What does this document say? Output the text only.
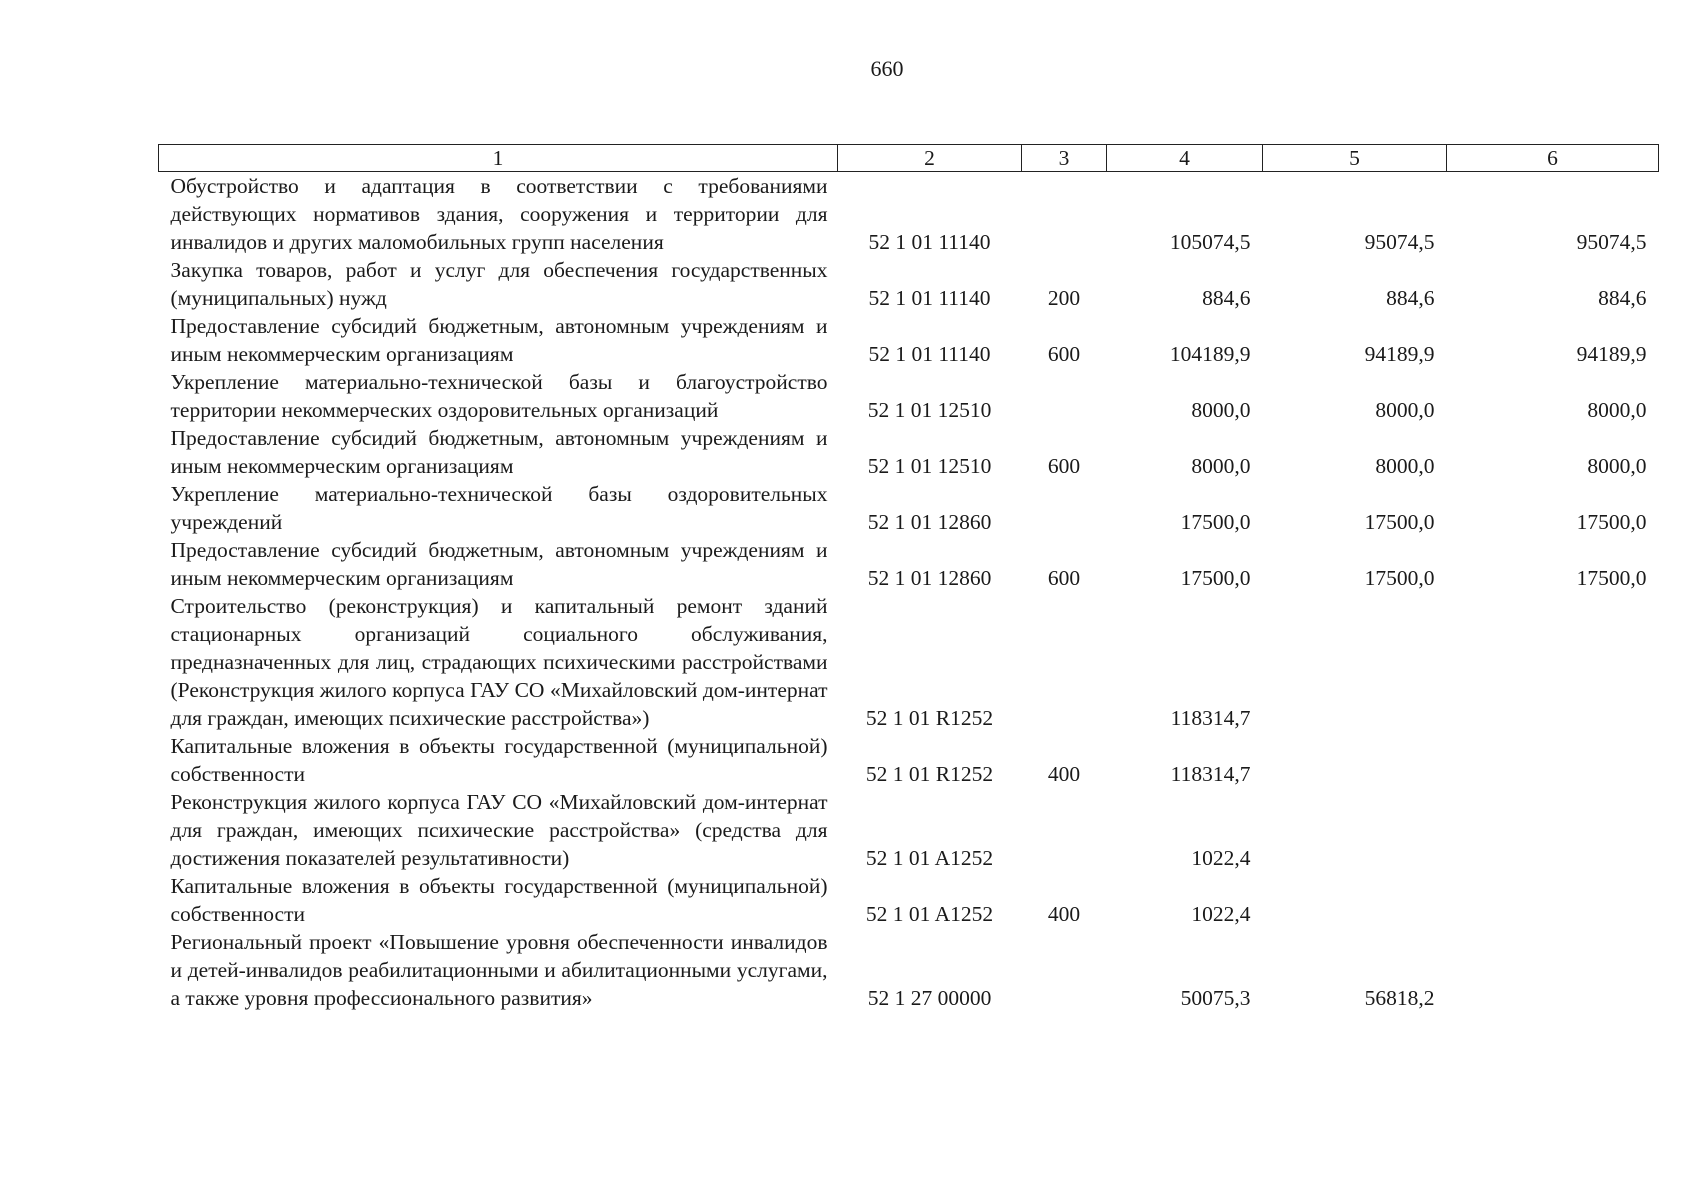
660
1	2	3	4	5	6
Обустройство и адаптация в соответствии с требованиями действующих нормативов здания, сооружения и территории для инвалидов и других маломобильных групп населения	52 1 01 11140		105074,5	95074,5	95074,5
Закупка товаров, работ и услуг для обеспечения государственных (муниципальных) нужд	52 1 01 11140	200	884,6	884,6	884,6
Предоставление субсидий бюджетным, автономным учреждениям и иным некоммерческим организациям	52 1 01 11140	600	104189,9	94189,9	94189,9
Укрепление материально-технической базы и благоустройство территории некоммерческих оздоровительных организаций	52 1 01 12510		8000,0	8000,0	8000,0
Предоставление субсидий бюджетным, автономным учреждениям и иным некоммерческим организациям	52 1 01 12510	600	8000,0	8000,0	8000,0
Укрепление материально-технической базы оздоровительных учреждений	52 1 01 12860		17500,0	17500,0	17500,0
Предоставление субсидий бюджетным, автономным учреждениям и иным некоммерческим организациям	52 1 01 12860	600	17500,0	17500,0	17500,0
Строительство (реконструкция) и капитальный ремонт зданий стационарных организаций социального обслуживания, предназначенных для лиц, страдающих психическими расстройствами (Реконструкция жилого корпуса ГАУ СО «Михайловский дом-интернат для граждан, имеющих психические расстройства»)	52 1 01 R1252		118314,7		
Капитальные вложения в объекты государственной (муниципальной) собственности	52 1 01 R1252	400	118314,7		
Реконструкция жилого корпуса ГАУ СО «Михайловский дом-интернат для граждан, имеющих психические расстройства» (средства для достижения показателей результативности)	52 1 01 A1252		1022,4		
Капитальные вложения в объекты государственной (муниципальной) собственности	52 1 01 A1252	400	1022,4		
Региональный проект «Повышение уровня обеспеченности инвалидов и детей-инвалидов реабилитационными и абилитационными услугами, а также уровня профессионального развития»	52 1 27 00000		50075,3	56818,2	
